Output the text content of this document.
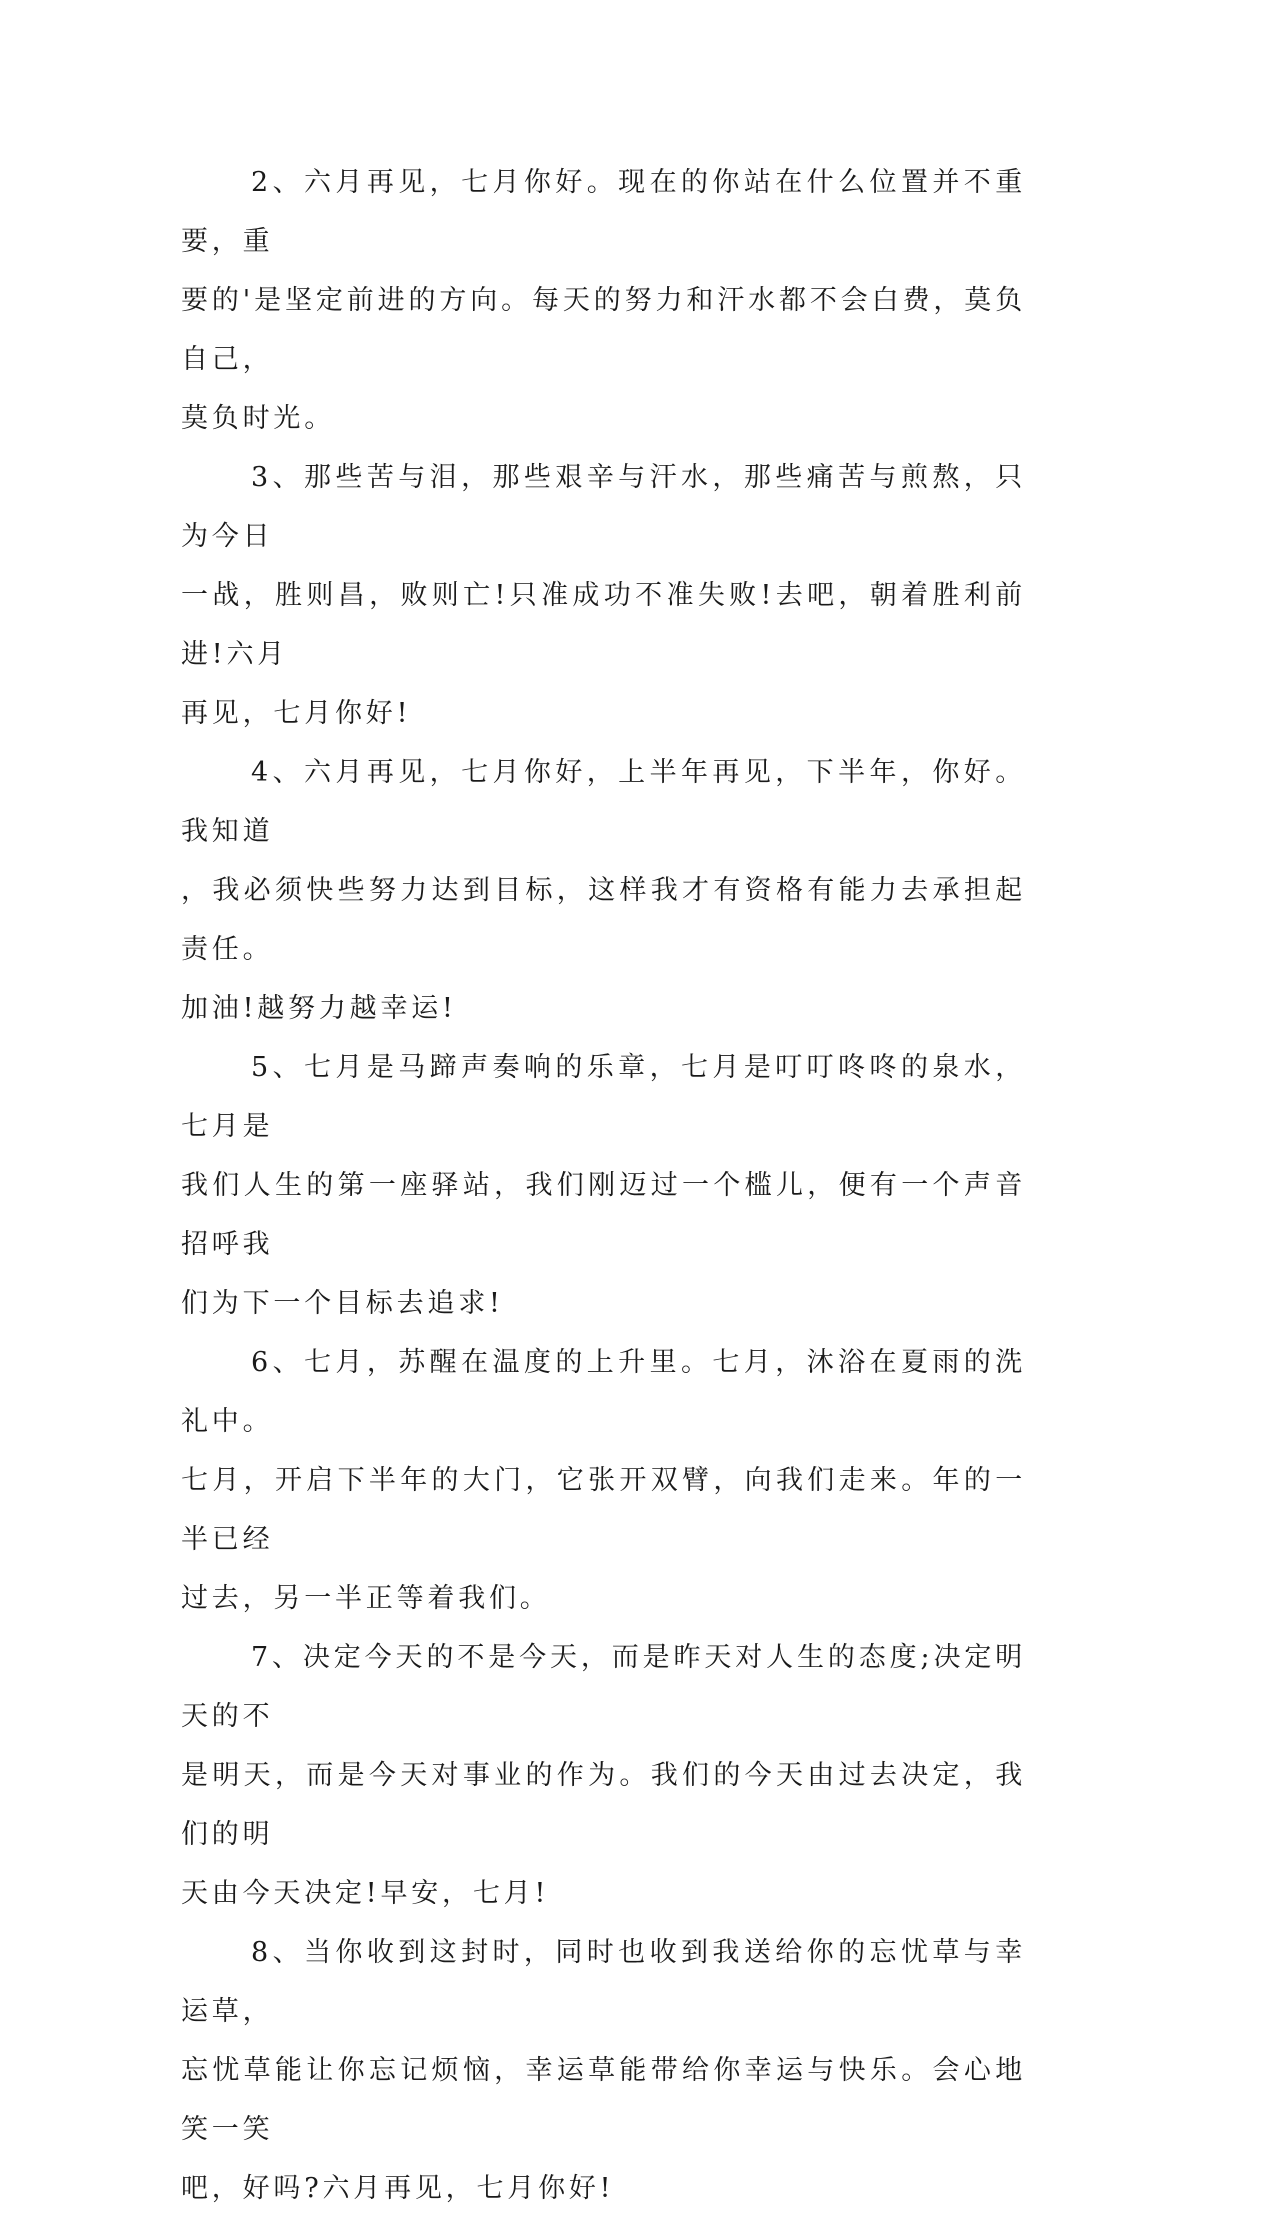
2、六月再见，七月你好。现在的你站在什么位置并不重要，重
要的'是坚定前进的方向。每天的努力和汗水都不会白费，莫负自己，
莫负时光。

3、那些苦与泪，那些艰辛与汗水，那些痛苦与煎熬，只为今日
一战，胜则昌，败则亡!只准成功不准失败!去吧，朝着胜利前进!六月
再见，七月你好!

4、六月再见，七月你好，上半年再见，下半年，你好。我知道
，我必须快些努力达到目标，这样我才有资格有能力去承担起责任。
加油!越努力越幸运!

5、七月是马蹄声奏响的乐章，七月是叮叮咚咚的泉水，七月是
我们人生的第一座驿站，我们刚迈过一个槛儿，便有一个声音招呼我
们为下一个目标去追求!

6、七月，苏醒在温度的上升里。七月，沐浴在夏雨的洗礼中。
七月，开启下半年的大门，它张开双臂，向我们走来。年的一半已经
过去，另一半正等着我们。

7、决定今天的不是今天，而是昨天对人生的态度;决定明天的不
是明天，而是今天对事业的作为。我们的今天由过去决定，我们的明
天由今天决定!早安，七月!

8、当你收到这封时，同时也收到我送给你的忘忧草与幸运草，
忘忧草能让你忘记烦恼，幸运草能带给你幸运与快乐。会心地笑一笑
吧，好吗?六月再见，七月你好!
